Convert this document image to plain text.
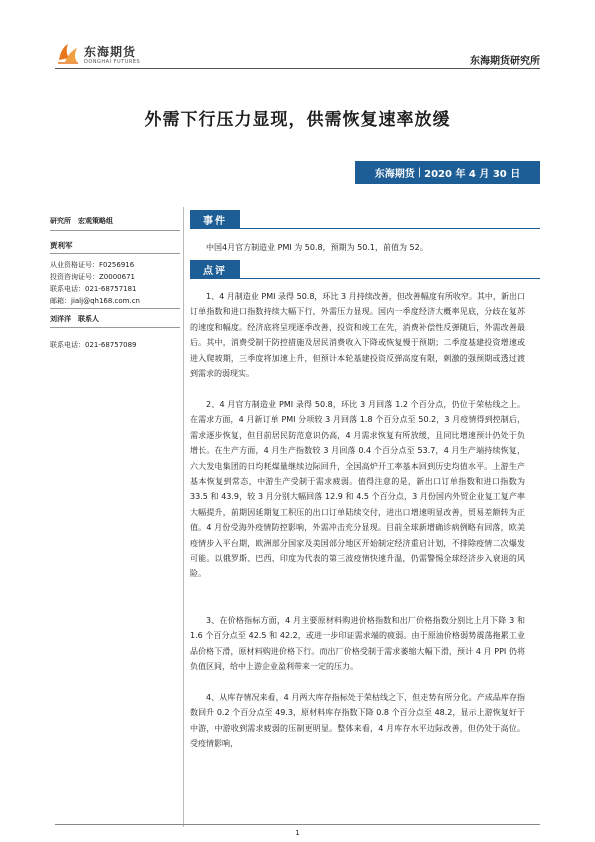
东海期货
DONGHAI FUTURES	东海期货研究所
外需下行压力显现，供需恢复速率放缓
东海期货 | 2020 年 4 月 30 日
研究所　宏观策略组
贾利军
从业资格证号：F0256916
投资咨询证号：Z0000671
联系电话：021-68757181
邮箱：jialj@qh168.com.cn
刘洋洋　联系人
联系电话：021-68757089
事件
中国4月官方制造业 PMI 为 50.8，预期为 50.1，前值为 52。
点评

1、4 月制造业 PMI 录得 50.8，环比 3 月持续改善，但改善幅度有所收窄。其中，新出口订单指数和进口指数持续大幅下行，外需压力显现。国内一季度经济大概率见底，分歧在复苏的速度和幅度。经济底将呈现逐季改善，投资和竣工在先，消费补偿性反弹随后，外需改善最后。其中，消费受制于防控措施及居民消费收入下降或恢复慢于预期；二季度基建投资增速或进入爬坡期，三季度将加速上升，但预计本轮基建投资反弹高度有限，刺激的强预期或透过渡到需求的弱现实。

2、4 月官方制造业 PMI 录得 50.8，环比 3 月回落 1.2 个百分点，仍位于荣枯线之上。在需求方面，4 月新订单 PMI 分项较 3 月回落 1.8 个百分点至 50.2，3 月疫情得到控制后，需求逐步恢复，但目前居民防范意识仍高，4 月需求恢复有所放缓，且同比增速预计仍处于负增长。在生产方面，4 月生产指数较 3 月回落 0.4 个百分点至 53.7，4 月生产端持续恢复，六大发电集团的日均耗煤量继续边际回升，全国高炉开工率基本回到历史均值水平。上游生产基本恢复到常态，中游生产受制于需求疲弱。值得注意的是，新出口订单指数和进口指数为 33.5 和 43.9，较 3 月分别大幅回落 12.9 和 4.5 个百分点，3 月份国内外贸企业复工复产率大幅提升，前期因延期复工积压的出口订单陆续交付，进出口增速明显改善，贸易差额转为正值。4 月份受海外疫情防控影响，外需冲击充分显现。目前全球新增确诊病例略有回落，欧美疫情步入平台期，欧洲部分国家及美国部分地区开始制定经济重启计划，不排除疫情二次爆发可能。以俄罗斯、巴西、印度为代表的第三波疫情快速升温，仍需警惕全球经济步入衰退的风险。

3、在价格指标方面，4 月主要原材料购进价格指数和出厂价格指数分别比上月下降 3 和 1.6 个百分点至 42.5 和 42.2，或进一步印证需求端的疲弱。由于原油价格弱势震荡拖累工业品价格下滑，原材料购进价格下行。而出厂价格受制于需求萎缩大幅下滑，预计 4 月 PPI 仍将负值区间，给中上游企业盈利带来一定的压力。

4、从库存情况来看，4 月两大库存指标处于荣枯线之下，但走势有所分化。产成品库存指数回升 0.2 个百分点至 49.3，原材料库存指数下降 0.8 个百分点至 48.2，显示上游恢复好于中游，中游收到需求疲弱的压制更明显。整体来看，4 月库存水平边际改善，但仍处于高位。受疫情影响，

1
